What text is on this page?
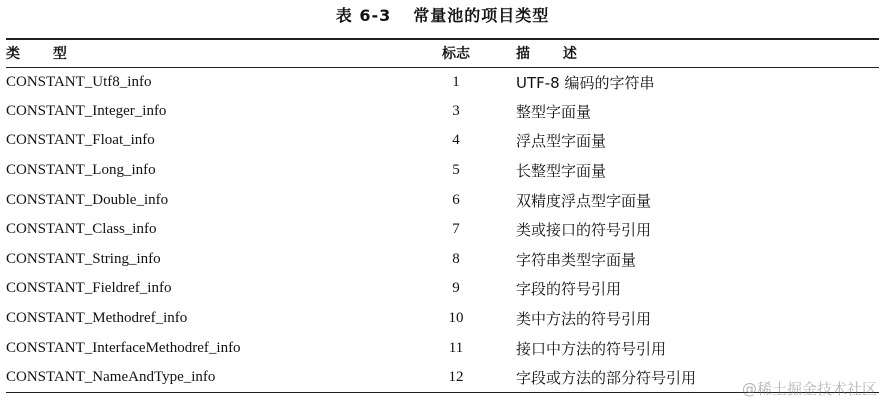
表 6-3 常量池的项目类型
类 型	标志	描 述
CONSTANT_Utf8_info	1	UTF-8 编码的字符串
CONSTANT_Integer_info	3	整型字面量
CONSTANT_Float_info	4	浮点型字面量
CONSTANT_Long_info	5	长整型字面量
CONSTANT_Double_info	6	双精度浮点型字面量
CONSTANT_Class_info	7	类或接口的符号引用
CONSTANT_String_info	8	字符串类型字面量
CONSTANT_Fieldref_info	9	字段的符号引用
CONSTANT_Methodref_info	10	类中方法的符号引用
CONSTANT_InterfaceMethodref_info	11	接口中方法的符号引用
CONSTANT_NameAndType_info	12	字段或方法的部分符号引用
@稀土掘金技术社区
